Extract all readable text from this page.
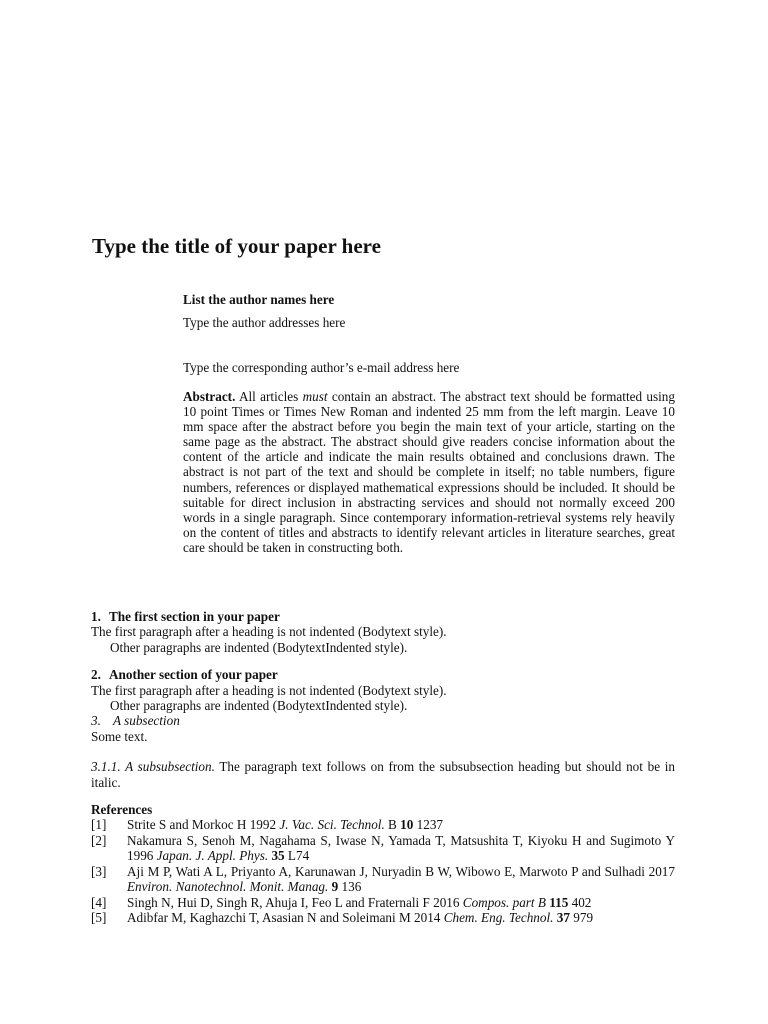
Type the title of your paper here
List the author names here
Type the author addresses here
Type the corresponding author’s e-mail address here
Abstract. All articles must contain an abstract. The abstract text should be formatted using 10 point Times or Times New Roman and indented 25 mm from the left margin. Leave 10 mm space after the abstract before you begin the main text of your article, starting on the same page as the abstract. The abstract should give readers concise information about the content of the article and indicate the main results obtained and conclusions drawn. The abstract is not part of the text and should be complete in itself; no table numbers, figure numbers, references or displayed mathematical expressions should be included. It should be suitable for direct inclusion in abstracting services and should not normally exceed 200 words in a single paragraph. Since contemporary information-retrieval systems rely heavily on the content of titles and abstracts to identify relevant articles in literature searches, great care should be taken in constructing both.

1. The first section in your paper

The first paragraph after a heading is not indented (Bodytext style).

Other paragraphs are indented (BodytextIndented style).

2. Another section of your paper

The first paragraph after a heading is not indented (Bodytext style).

Other paragraphs are indented (BodytextIndented style).

3. A subsection

Some text.

3.1.1. A subsubsection. The paragraph text follows on from the subsubsection heading but should not be in italic.

References

[1] Strite S and Morkoc H 1992 J. Vac. Sci. Technol. B 10 1237
[2] Nakamura S, Senoh M, Nagahama S, Iwase N, Yamada T, Matsushita T, Kiyoku H and Sugimoto Y 1996 Japan. J. Appl. Phys. 35 L74
[3] Aji M P, Wati A L, Priyanto A, Karunawan J, Nuryadin B W, Wibowo E, Marwoto P and Sulhadi 2017 Environ. Nanotechnol. Monit. Manag. 9 136
[4] Singh N, Hui D, Singh R, Ahuja I, Feo L and Fraternali F 2016 Compos. part B 115 402
[5] Adibfar M, Kaghazchi T, Asasian N and Soleimani M 2014 Chem. Eng. Technol. 37 979
